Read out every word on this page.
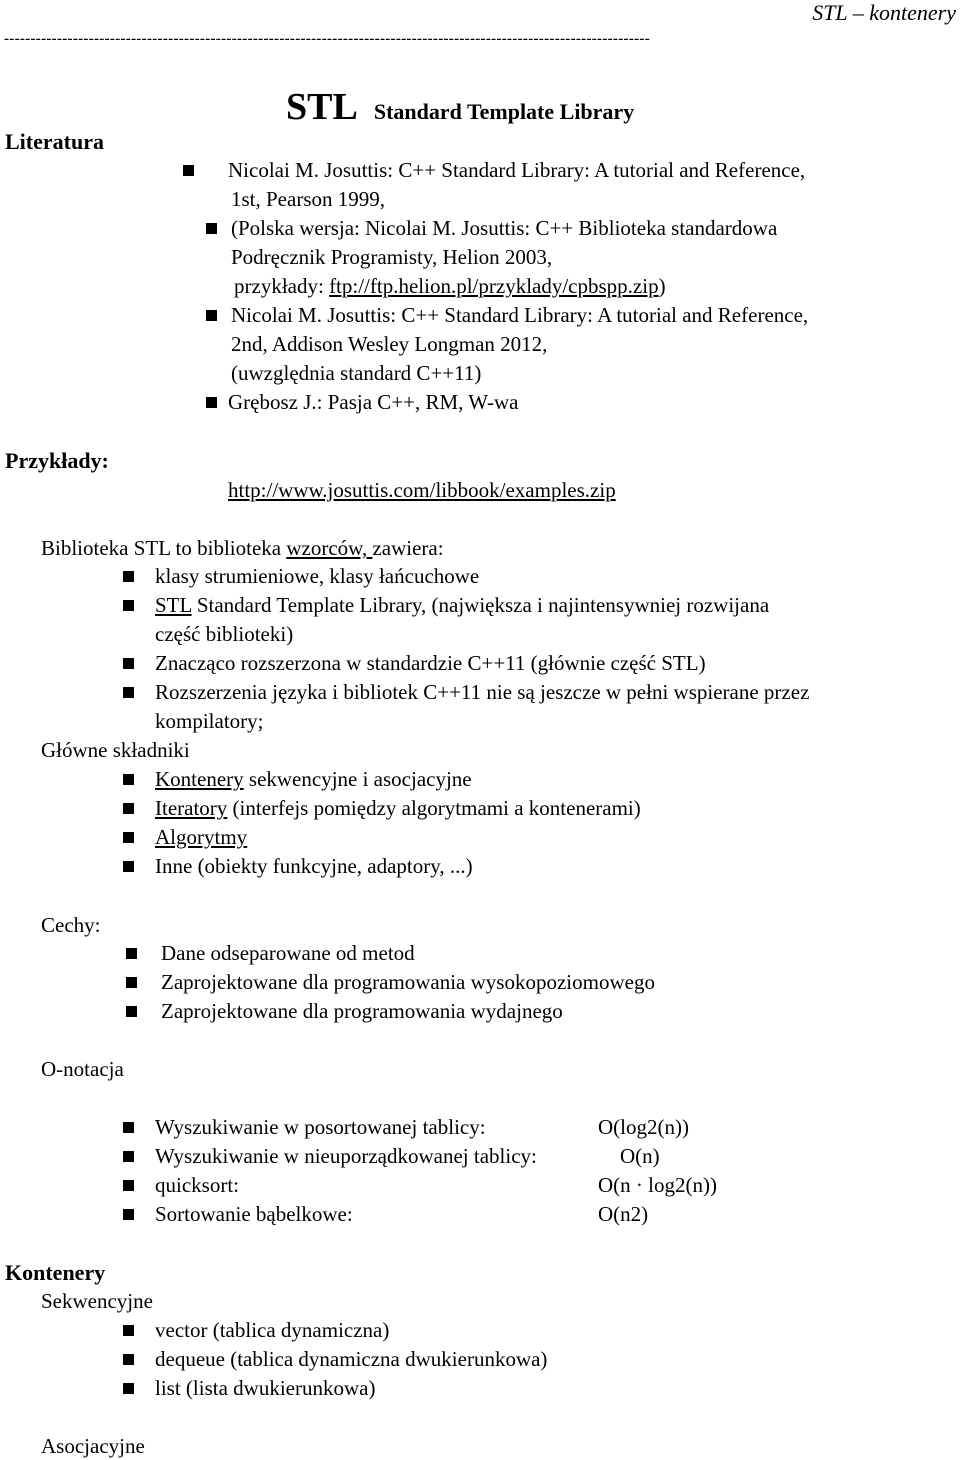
STL – kontenery
--------------------------------------------------------------------------------------------------------------------------
STL Standard Template Library
Literatura
Nicolai M. Josuttis: C++ Standard Library: A tutorial and Reference,
1st, Pearson 1999,
(Polska wersja: Nicolai M. Josuttis: C++ Biblioteka standardowa
Podręcznik Programisty, Helion 2003,
przykłady: ftp://ftp.helion.pl/przyklady/cpbspp.zip)
Nicolai M. Josuttis: C++ Standard Library: A tutorial and Reference,
2nd, Addison Wesley Longman 2012,
(uwzględnia standard C++11)
Grębosz J.: Pasja C++, RM, W-wa
Przykłady:
http://www.josuttis.com/libbook/examples.zip
Biblioteka STL to biblioteka wzorców, zawiera:
klasy strumieniowe, klasy łańcuchowe
STL Standard Template Library, (największa i najintensywniej rozwijana
część biblioteki)
Znacząco rozszerzona w standardzie C++11 (głównie część STL)
Rozszerzenia języka i bibliotek C++11 nie są jeszcze w pełni wspierane przez
kompilatory;
Główne składniki
Kontenery sekwencyjne i asocjacyjne
Iteratory (interfejs pomiędzy algorytmami a kontenerami)
Algorytmy
Inne (obiekty funkcyjne, adaptory, ...)
Cechy:
Dane odseparowane od metod
Zaprojektowane dla programowania wysokopoziomowego
Zaprojektowane dla programowania wydajnego
O-notacja
Wyszukiwanie w posortowanej tablicy:	O(log2(n))
Wyszukiwanie w nieuporządkowanej tablicy:	O(n)
quicksort:	O(n · log2(n))
Sortowanie bąbelkowe:	O(n2)
Kontenery
Sekwencyjne
vector (tablica dynamiczna)
dequeue (tablica dynamiczna dwukierunkowa)
list (lista dwukierunkowa)
Asocjacyjne
